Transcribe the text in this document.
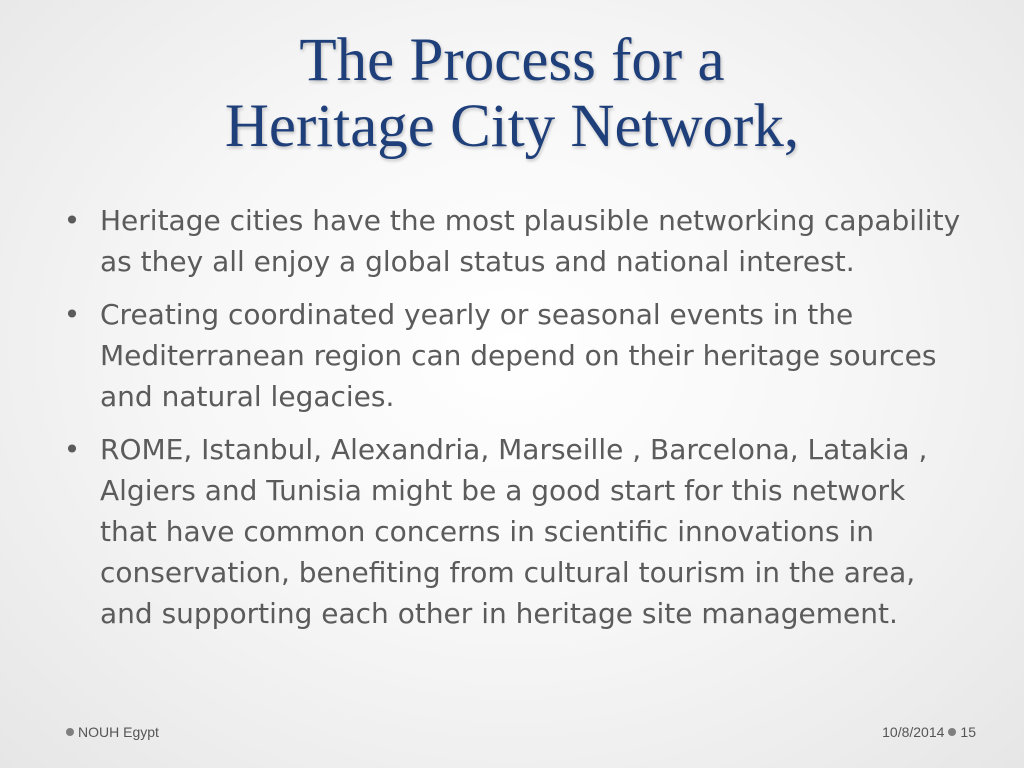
The Process for a
Heritage City Network,
• Heritage cities have the most plausible networking capability as they all enjoy a global status and national interest.
• Creating coordinated yearly or seasonal events in the Mediterranean region can depend on their heritage sources and natural legacies.
• ROME, Istanbul, Alexandria, Marseille , Barcelona, Latakia , Algiers and Tunisia might be a good start for this network that have common concerns in scientific innovations in conservation, benefiting from cultural tourism in the area, and supporting each other in heritage site management.
NOUH Egypt	10/8/2014 15
